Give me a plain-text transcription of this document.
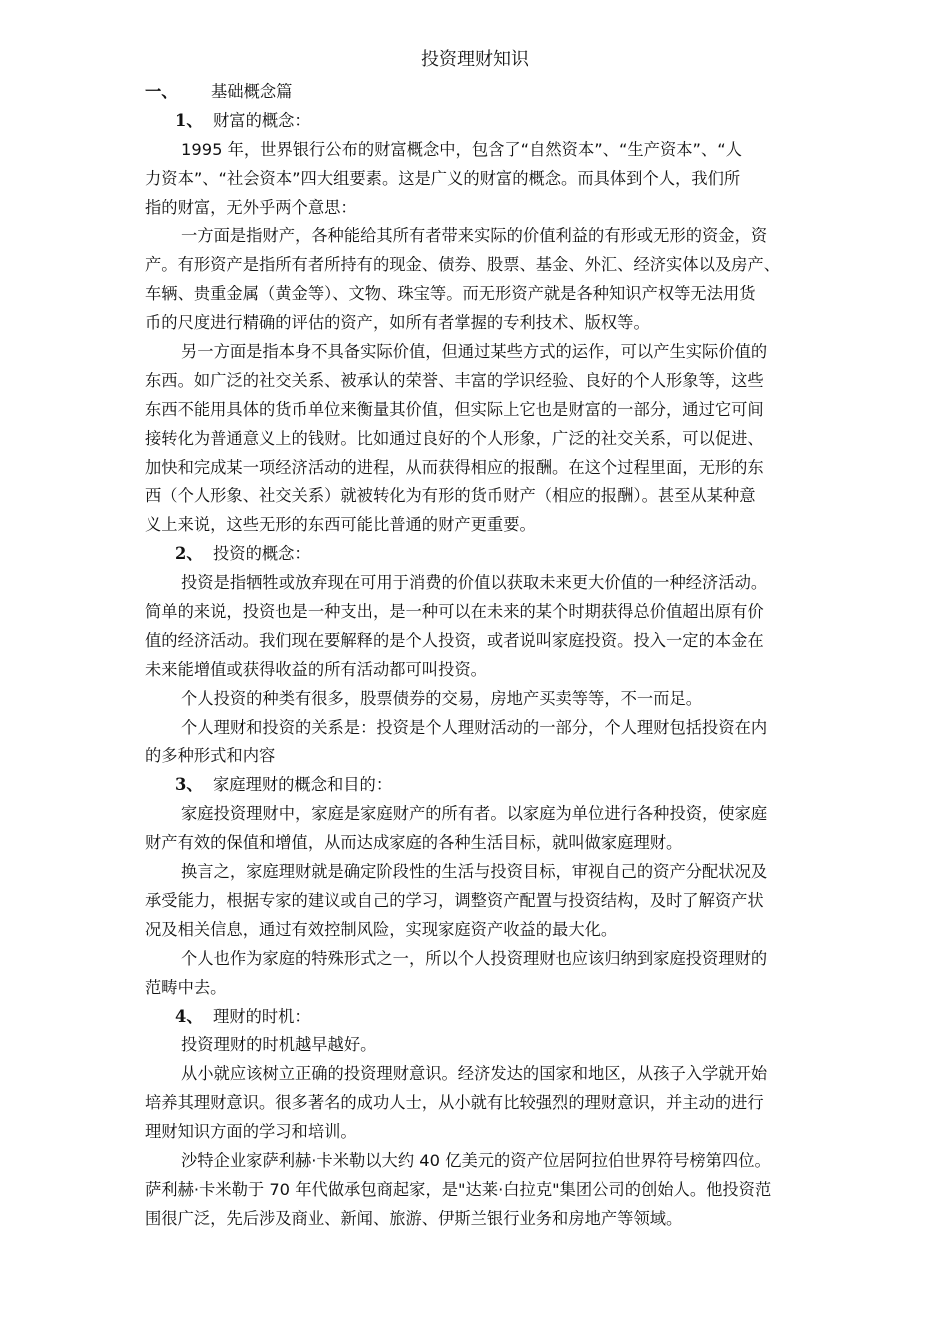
投资理财知识
一、 基础概念篇
1、 财富的概念：
1995 年，世界银行公布的财富概念中，包含了“自然资本”、“生产资本”、“人
力资本”、“社会资本”四大组要素。这是广义的财富的概念。而具体到个人，我们所
指的财富，无外乎两个意思：
一方面是指财产，各种能给其所有者带来实际的价值利益的有形或无形的资金，资
产。有形资产是指所有者所持有的现金、债券、股票、基金、外汇、经济实体以及房产、
车辆、贵重金属（黄金等）、文物、珠宝等。而无形资产就是各种知识产权等无法用货
币的尺度进行精确的评估的资产，如所有者掌握的专利技术、版权等。
另一方面是指本身不具备实际价值，但通过某些方式的运作，可以产生实际价值的
东西。如广泛的社交关系、被承认的荣誉、丰富的学识经验、良好的个人形象等，这些
东西不能用具体的货币单位来衡量其价值，但实际上它也是财富的一部分，通过它可间
接转化为普通意义上的钱财。比如通过良好的个人形象，广泛的社交关系，可以促进、
加快和完成某一项经济活动的进程，从而获得相应的报酬。在这个过程里面，无形的东
西（个人形象、社交关系）就被转化为有形的货币财产（相应的报酬）。甚至从某种意
义上来说，这些无形的东西可能比普通的财产更重要。
2、 投资的概念：
投资是指牺牲或放弃现在可用于消费的价值以获取未来更大价值的一种经济活动。
简单的来说，投资也是一种支出，是一种可以在未来的某个时期获得总价值超出原有价
值的经济活动。我们现在要解释的是个人投资，或者说叫家庭投资。投入一定的本金在
未来能增值或获得收益的所有活动都可叫投资。
个人投资的种类有很多，股票债券的交易，房地产买卖等等，不一而足。
个人理财和投资的关系是：投资是个人理财活动的一部分，个人理财包括投资在内
的多种形式和内容
3、 家庭理财的概念和目的：
家庭投资理财中，家庭是家庭财产的所有者。以家庭为单位进行各种投资，使家庭
财产有效的保值和增值，从而达成家庭的各种生活目标，就叫做家庭理财。
换言之，家庭理财就是确定阶段性的生活与投资目标，审视自己的资产分配状况及
承受能力，根据专家的建议或自己的学习，调整资产配置与投资结构，及时了解资产状
况及相关信息，通过有效控制风险，实现家庭资产收益的最大化。
个人也作为家庭的特殊形式之一，所以个人投资理财也应该归纳到家庭投资理财的
范畴中去。
4、 理财的时机：
投资理财的时机越早越好。
从小就应该树立正确的投资理财意识。经济发达的国家和地区，从孩子入学就开始
培养其理财意识。很多著名的成功人士，从小就有比较强烈的理财意识，并主动的进行
理财知识方面的学习和培训。
沙特企业家萨利赫·卡米勒以大约 40 亿美元的资产位居阿拉伯世界符号榜第四位。
萨利赫·卡米勒于 70 年代做承包商起家，是"达莱·白拉克"集团公司的创始人。他投资范
围很广泛，先后涉及商业、新闻、旅游、伊斯兰银行业务和房地产等领域。
